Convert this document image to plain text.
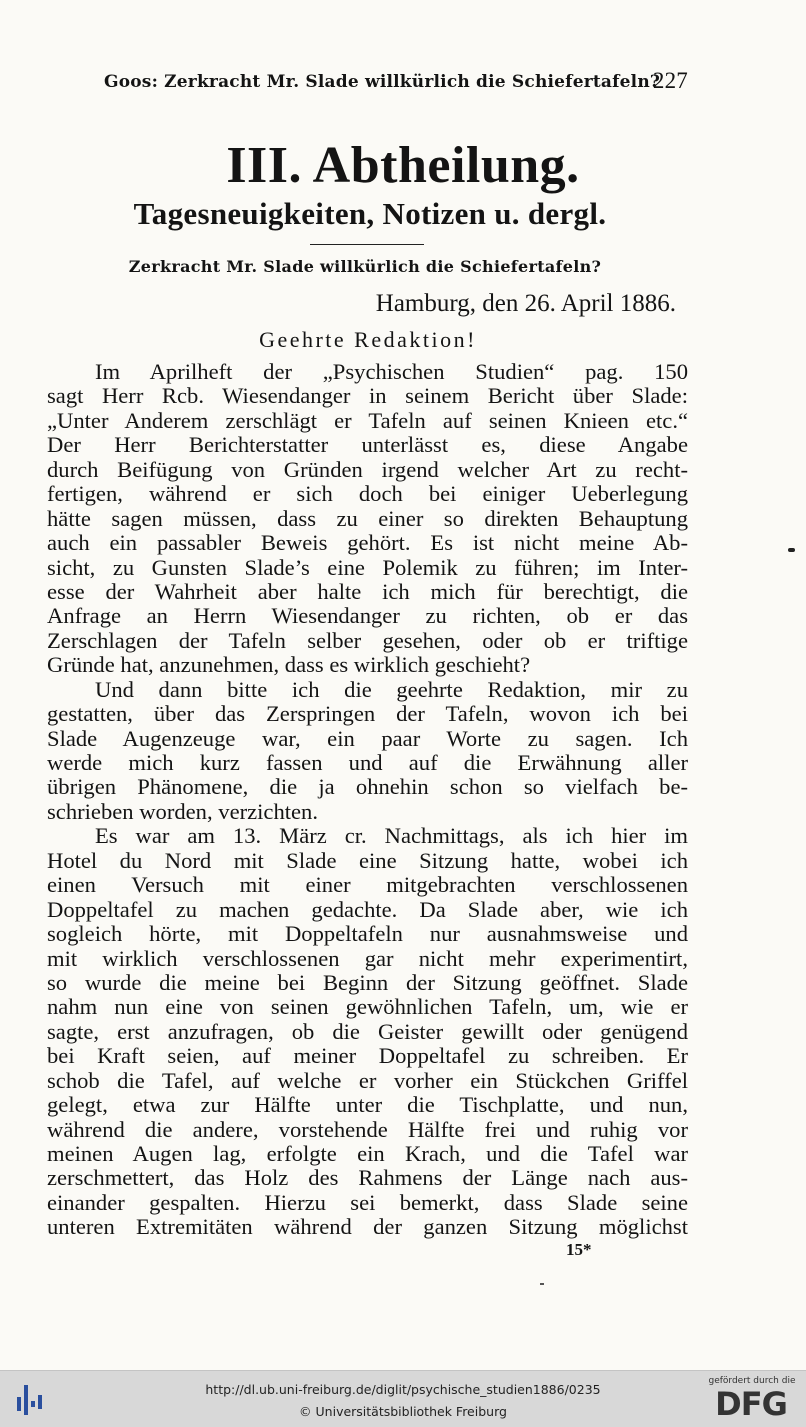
Goos: Zerkracht Mr. Slade willkürlich die Schiefertafeln?
227
III. Abtheilung.
Tagesneuigkeiten, Notizen u. dergl.
Zerkracht Mr. Slade willkürlich die Schiefertafeln?
Hamburg, den 26. April 1886.
Geehrte Redaktion!
Im Aprilheft der „Psychischen Studien“ pag. 150
sagt Herr Rcb. Wiesendanger in seinem Bericht über Slade:
„Unter Anderem zerschlägt er Tafeln auf seinen Knieen etc.“
Der Herr Berichterstatter unterlässt es, diese Angabe
durch Beifügung von Gründen irgend welcher Art zu recht-
fertigen, während er sich doch bei einiger Ueberlegung
hätte sagen müssen, dass zu einer so direkten Behauptung
auch ein passabler Beweis gehört. Es ist nicht meine Ab-
sicht, zu Gunsten Slade’s eine Polemik zu führen; im Inter-
esse der Wahrheit aber halte ich mich für berechtigt, die
Anfrage an Herrn Wiesendanger zu richten, ob er das
Zerschlagen der Tafeln selber gesehen, oder ob er triftige
Gründe hat, anzunehmen, dass es wirklich geschieht?
Und dann bitte ich die geehrte Redaktion, mir zu
gestatten, über das Zerspringen der Tafeln, wovon ich bei
Slade Augenzeuge war, ein paar Worte zu sagen. Ich
werde mich kurz fassen und auf die Erwähnung aller
übrigen Phänomene, die ja ohnehin schon so vielfach be-
schrieben worden, verzichten.
Es war am 13. März cr. Nachmittags, als ich hier im
Hotel du Nord mit Slade eine Sitzung hatte, wobei ich
einen Versuch mit einer mitgebrachten verschlossenen
Doppeltafel zu machen gedachte. Da Slade aber, wie ich
sogleich hörte, mit Doppeltafeln nur ausnahmsweise und
mit wirklich verschlossenen gar nicht mehr experimentirt,
so wurde die meine bei Beginn der Sitzung geöffnet. Slade
nahm nun eine von seinen gewöhnlichen Tafeln, um, wie er
sagte, erst anzufragen, ob die Geister gewillt oder genügend
bei Kraft seien, auf meiner Doppeltafel zu schreiben. Er
schob die Tafel, auf welche er vorher ein Stückchen Griffel
gelegt, etwa zur Hälfte unter die Tischplatte, und nun,
während die andere, vorstehende Hälfte frei und ruhig vor
meinen Augen lag, erfolgte ein Krach, und die Tafel war
zerschmettert, das Holz des Rahmens der Länge nach aus-
einander gespalten. Hierzu sei bemerkt, dass Slade seine
unteren Extremitäten während der ganzen Sitzung möglichst
15*
http://dl.ub.uni-freiburg.de/diglit/psychische_studien1886/0235
© Universitätsbibliothek Freiburg
gefördert durch die
DFG
